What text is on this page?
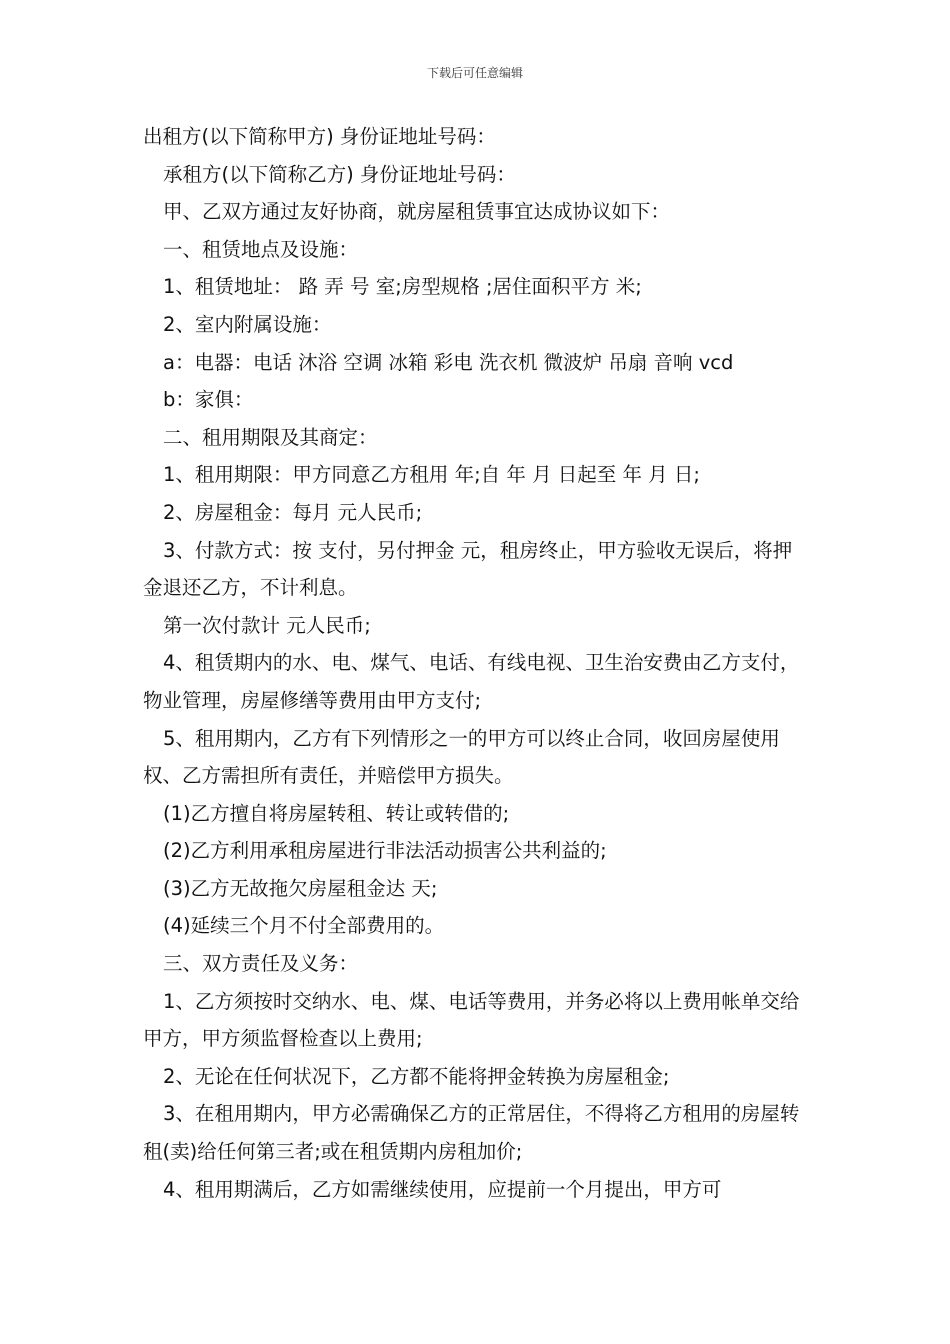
下载后可任意编辑

出租方(以下简称甲方) 身份证地址号码：

承租方(以下简称乙方) 身份证地址号码：

甲、乙双方通过友好协商，就房屋租赁事宜达成协议如下：

一、租赁地点及设施：

1、租赁地址： 路 弄 号 室;房型规格 ;居住面积平方 米;

2、室内附属设施：

a：电器：电话 沐浴 空调 冰箱 彩电 洗衣机 微波炉 吊扇 音响 vcd

b：家俱：

二、租用期限及其商定：

1、租用期限：甲方同意乙方租用 年;自 年 月 日起至 年 月 日;

2、房屋租金：每月 元人民币;

3、付款方式：按 支付，另付押金 元，租房终止，甲方验收无误后，将押金退还乙方，不计利息。

第一次付款计 元人民币;

4、租赁期内的水、电、煤气、电话、有线电视、卫生治安费由乙方支付，物业管理，房屋修缮等费用由甲方支付;

5、租用期内，乙方有下列情形之一的甲方可以终止合同，收回房屋使用权、乙方需担所有责任，并赔偿甲方损失。

(1)乙方擅自将房屋转租、转让或转借的;

(2)乙方利用承租房屋进行非法活动损害公共利益的;

(3)乙方无故拖欠房屋租金达 天;

(4)延续三个月不付全部费用的。

三、双方责任及义务：

1、乙方须按时交纳水、电、煤、电话等费用，并务必将以上费用帐单交给甲方，甲方须监督检查以上费用;

2、无论在任何状况下，乙方都不能将押金转换为房屋租金;

3、在租用期内，甲方必需确保乙方的正常居住，不得将乙方租用的房屋转租(卖)给任何第三者;或在租赁期内房租加价;

4、租用期满后，乙方如需继续使用，应提前一个月提出，甲方可
